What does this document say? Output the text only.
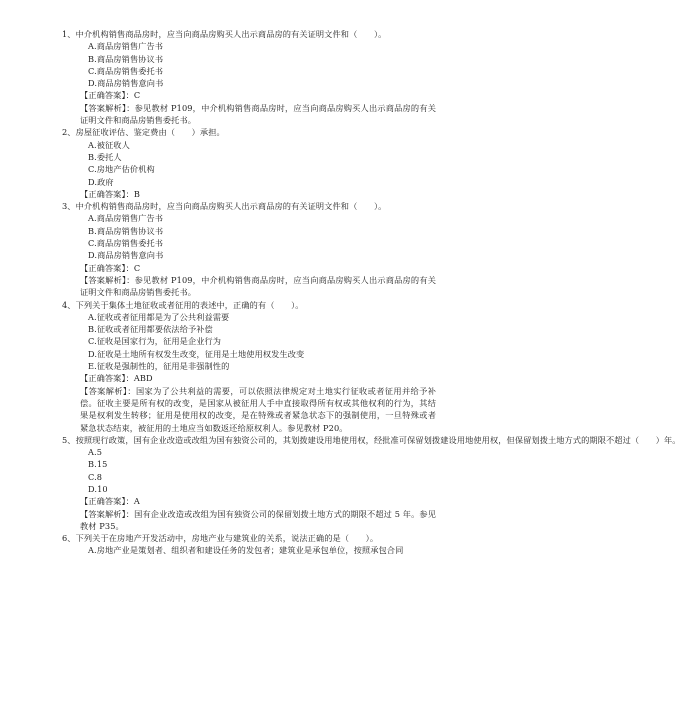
1、中介机构销售商品房时，应当向商品房购买人出示商品房的有关证明文件和（　　）。
A.商品房销售广告书
B.商品房销售协议书
C.商品房销售委托书
D.商品房销售意向书
【正确答案】：C
【答案解析】：参见教材 P109，中介机构销售商品房时，应当向商品房购买人出示商品房的有关证明文件和商品房销售委托书。
2、房屋征收评估、鉴定费由（　　）承担。
A.被征收人
B.委托人
C.房地产估价机构
D.政府
【正确答案】：B
3、中介机构销售商品房时，应当向商品房购买人出示商品房的有关证明文件和（　　）。
A.商品房销售广告书
B.商品房销售协议书
C.商品房销售委托书
D.商品房销售意向书
【正确答案】：C
【答案解析】：参见教材 P109，中介机构销售商品房时，应当向商品房购买人出示商品房的有关证明文件和商品房销售委托书。
4、下列关于集体土地征收或者征用的表述中，正确的有（　　）。
A.征收或者征用都是为了公共利益需要
B.征收或者征用都要依法给予补偿
C.征收是国家行为，征用是企业行为
D.征收是土地所有权发生改变，征用是土地使用权发生改变
E.征收是强制性的，征用是非强制性的
【正确答案】：ABD
【答案解析】：国家为了公共利益的需要，可以依照法律规定对土地实行征收或者征用并给予补偿。征收主要是所有权的改变，是国家从被征用人手中直接取得所有权或其他权利的行为，其结果是权利发生转移；征用是使用权的改变，是在特殊或者紧急状态下的强制使用，一旦特殊或者紧急状态结束，被征用的土地应当如数返还给原权利人。参见教材 P20。
5、按照现行政策，国有企业改造或改组为国有独资公司的，其划拨建设用地使用权，经批准可保留划拨建设用地使用权，但保留划拨土地方式的期限不超过（　　）年。
A.5
B.15
C.8
D.10
【正确答案】：A
【答案解析】：国有企业改造或改组为国有独资公司的保留划拨土地方式的期限不超过 5 年。参见教材 P35。
6、下列关于在房地产开发活动中，房地产业与建筑业的关系，说法正确的是（　　）。
A.房地产业是策划者、组织者和建设任务的发包者；建筑业是承包单位，按照承包合同
